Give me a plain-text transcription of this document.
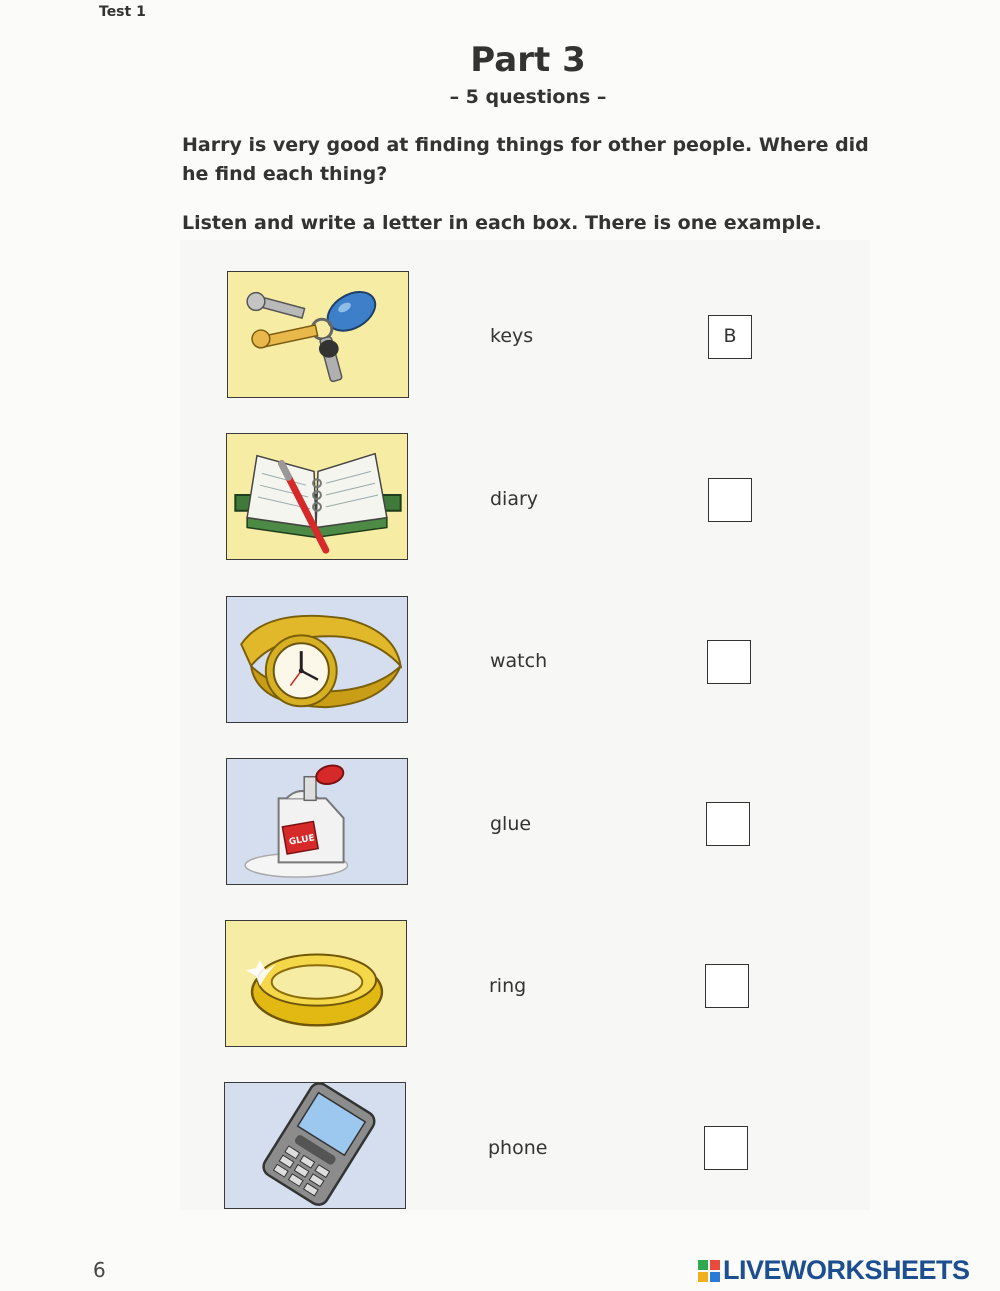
Test 1
Part 3
– 5 questions –
Harry is very good at finding things for other people. Where did he find each thing?
Listen and write a letter in each box. There is one example.
keys	B
diary
watch
GLUE
glue
ring
phone
6	LIVEWORKSHEETS
